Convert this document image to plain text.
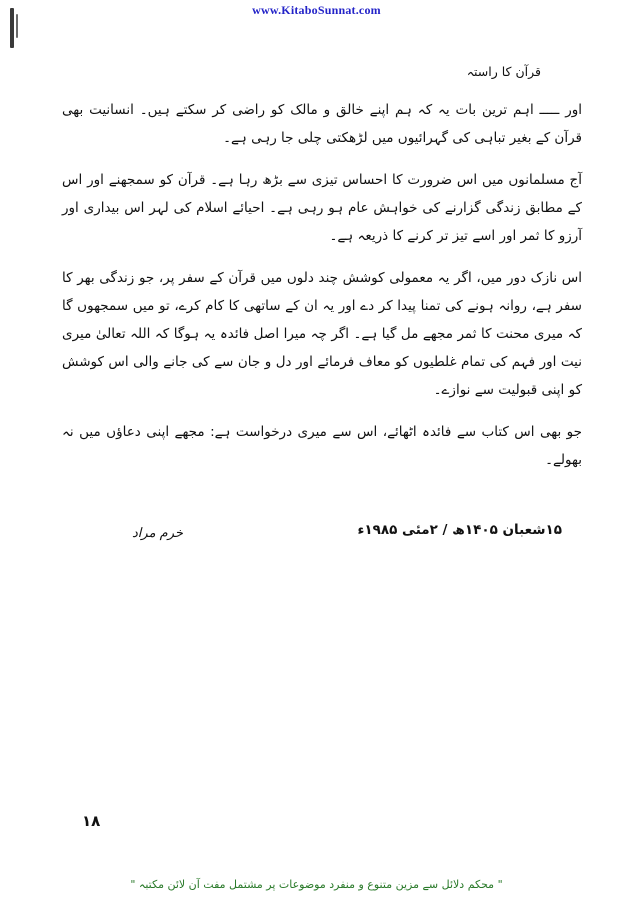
www.KitaboSunnat.com
قرآن کا راستہ

اور ـــــ اہم ترین بات یہ کہ ہم اپنے خالق و مالک کو راضی کر سکتے ہیں۔ انسانیت بھی قرآن کے بغیر تباہی کی گہرائیوں میں لڑھکتی چلی جا رہی ہے۔

آج مسلمانوں میں اس ضرورت کا احساس تیزی سے بڑھ رہا ہے۔ قرآن کو سمجھنے اور اس کے مطابق زندگی گزارنے کی خواہش عام ہو رہی ہے۔ احیائے اسلام کی لہر اس بیداری اور آرزو کا ثمر اور اسے تیز تر کرنے کا ذریعہ ہے۔

اس نازک دور میں، اگر یہ معمولی کوشش چند دلوں میں قرآن کے سفر پر، جو زندگی بھر کا سفر ہے، روانہ ہونے کی تمنا پیدا کر دے اور یہ ان کے ساتھی کا کام کرے، تو میں سمجھوں گا کہ میری محنت کا ثمر مجھے مل گیا ہے۔ اگر چہ میرا اصل فائدہ یہ ہوگا کہ اللہ تعالیٰ میری نیت اور فہم کی تمام غلطیوں کو معاف فرمائے اور دل و جان سے کی جانے والی اس کوشش کو اپنی قبولیت سے نوازے۔

جو بھی اس کتاب سے فائدہ اٹھائے، اس سے میری درخواست ہے: مجھے اپنی دعاؤں میں نہ بھولے۔

۱۵شعبان ۱۴۰۵ھ / ۲مئی ۱۹۸۵ء
خرم مراد
۱۸
" محکم دلائل سے مزین متنوع و منفرد موضوعات پر مشتمل مفت آن لائن مکتبہ "
